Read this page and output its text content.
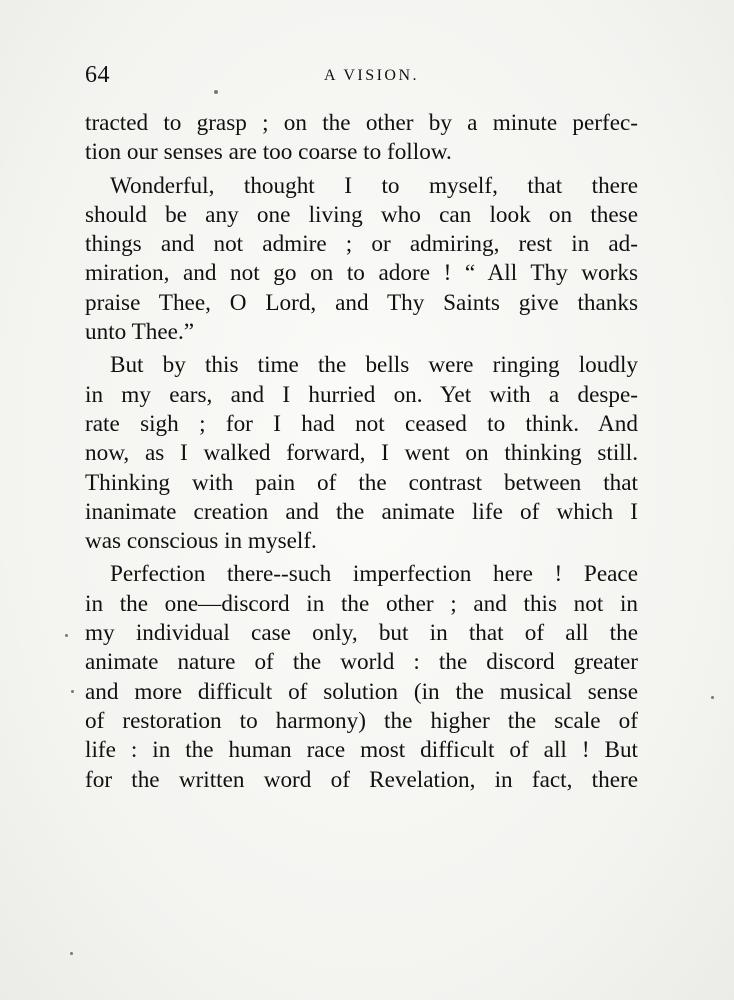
64	A VISION.
tracted to grasp ; on the other by a minute perfec-
tion our senses are too coarse to follow.
Wonderful, thought I to myself, that there
should be any one living who can look on these
things and not admire ; or admiring, rest in ad-
miration, and not go on to adore ! “ All Thy works
praise Thee, O Lord, and Thy Saints give thanks
unto Thee.”
But by this time the bells were ringing loudly
in my ears, and I hurried on. Yet with a despe-
rate sigh ; for I had not ceased to think. And
now, as I walked forward, I went on thinking still.
Thinking with pain of the contrast between that
inanimate creation and the animate life of which I
was conscious in myself.
Perfection there--such imperfection here ! Peace
in the one—discord in the other ; and this not in
my individual case only, but in that of all the
animate nature of the world : the discord greater
and more difficult of solution (in the musical sense
of restoration to harmony) the higher the scale of
life : in the human race most difficult of all ! But
for the written word of Revelation, in fact, there
